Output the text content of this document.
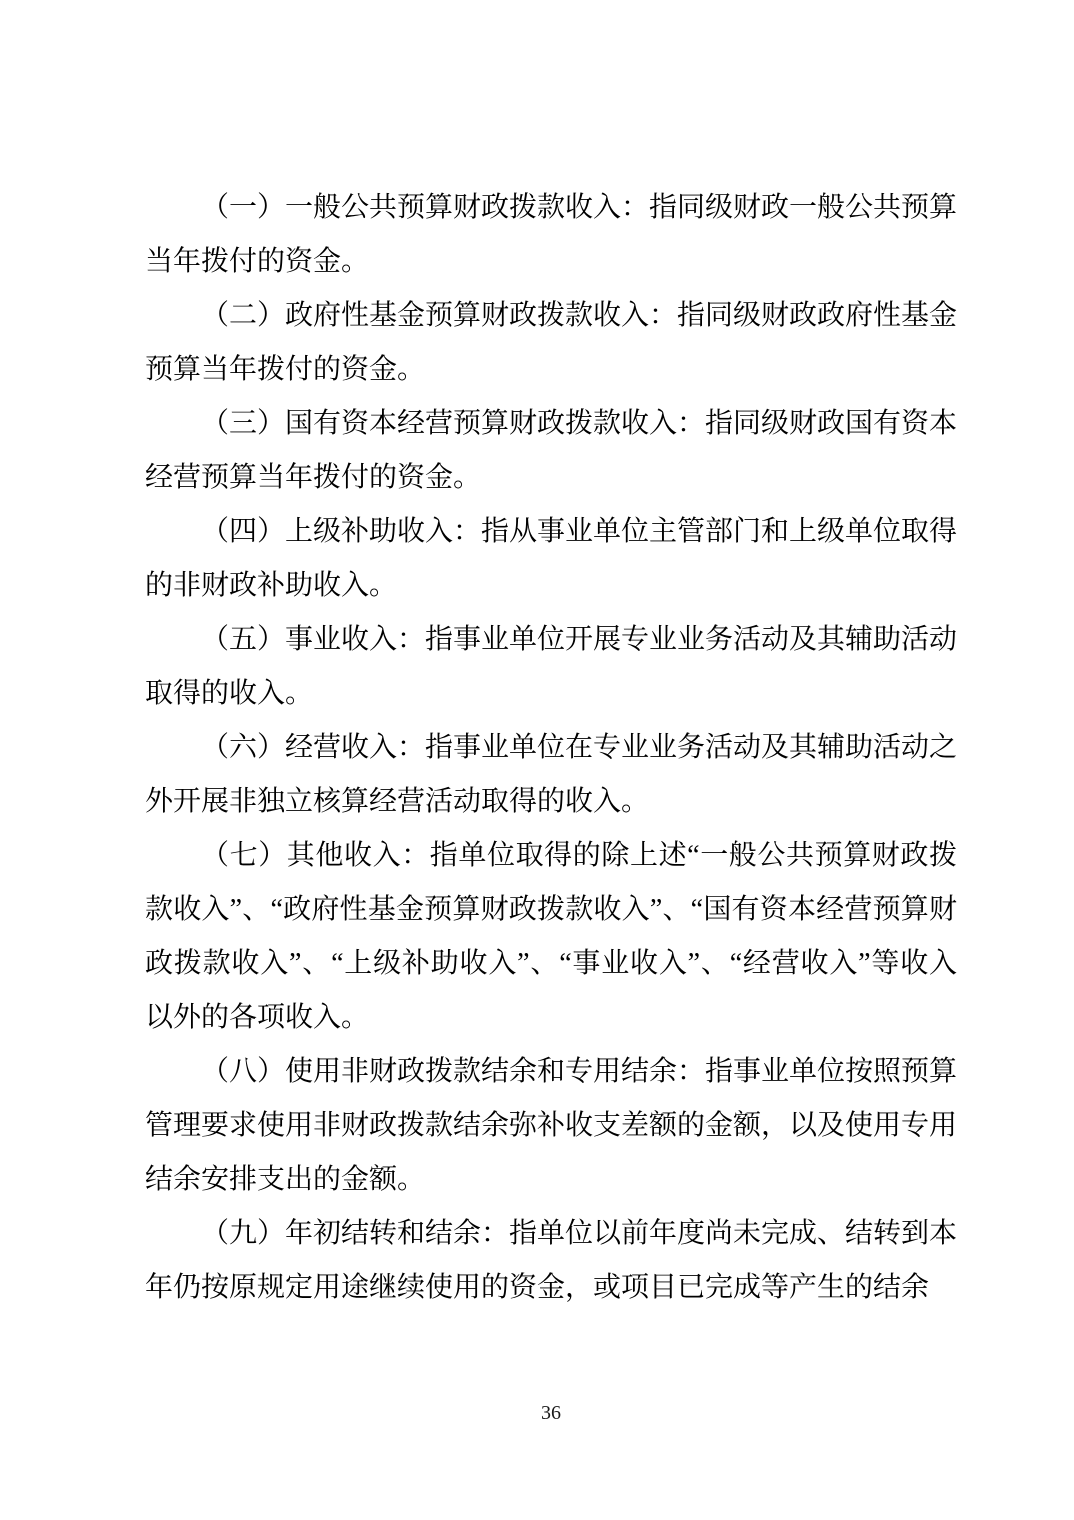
（一）一般公共预算财政拨款收入：指同级财政一般公共预算当年拨付的资金。

（二）政府性基金预算财政拨款收入：指同级财政政府性基金预算当年拨付的资金。

（三）国有资本经营预算财政拨款收入：指同级财政国有资本经营预算当年拨付的资金。

（四）上级补助收入：指从事业单位主管部门和上级单位取得的非财政补助收入。

（五）事业收入：指事业单位开展专业业务活动及其辅助活动取得的收入。

（六）经营收入：指事业单位在专业业务活动及其辅助活动之外开展非独立核算经营活动取得的收入。

（七）其他收入：指单位取得的除上述“一般公共预算财政拨款收入”、“政府性基金预算财政拨款收入”、“国有资本经营预算财政拨款收入”、“上级补助收入”、“事业收入”、“经营收入”等收入以外的各项收入。

（八）使用非财政拨款结余和专用结余：指事业单位按照预算管理要求使用非财政拨款结余弥补收支差额的金额，以及使用专用结余安排支出的金额。

（九）年初结转和结余：指单位以前年度尚未完成、结转到本年仍按原规定用途继续使用的资金，或项目已完成等产生的结余

36
